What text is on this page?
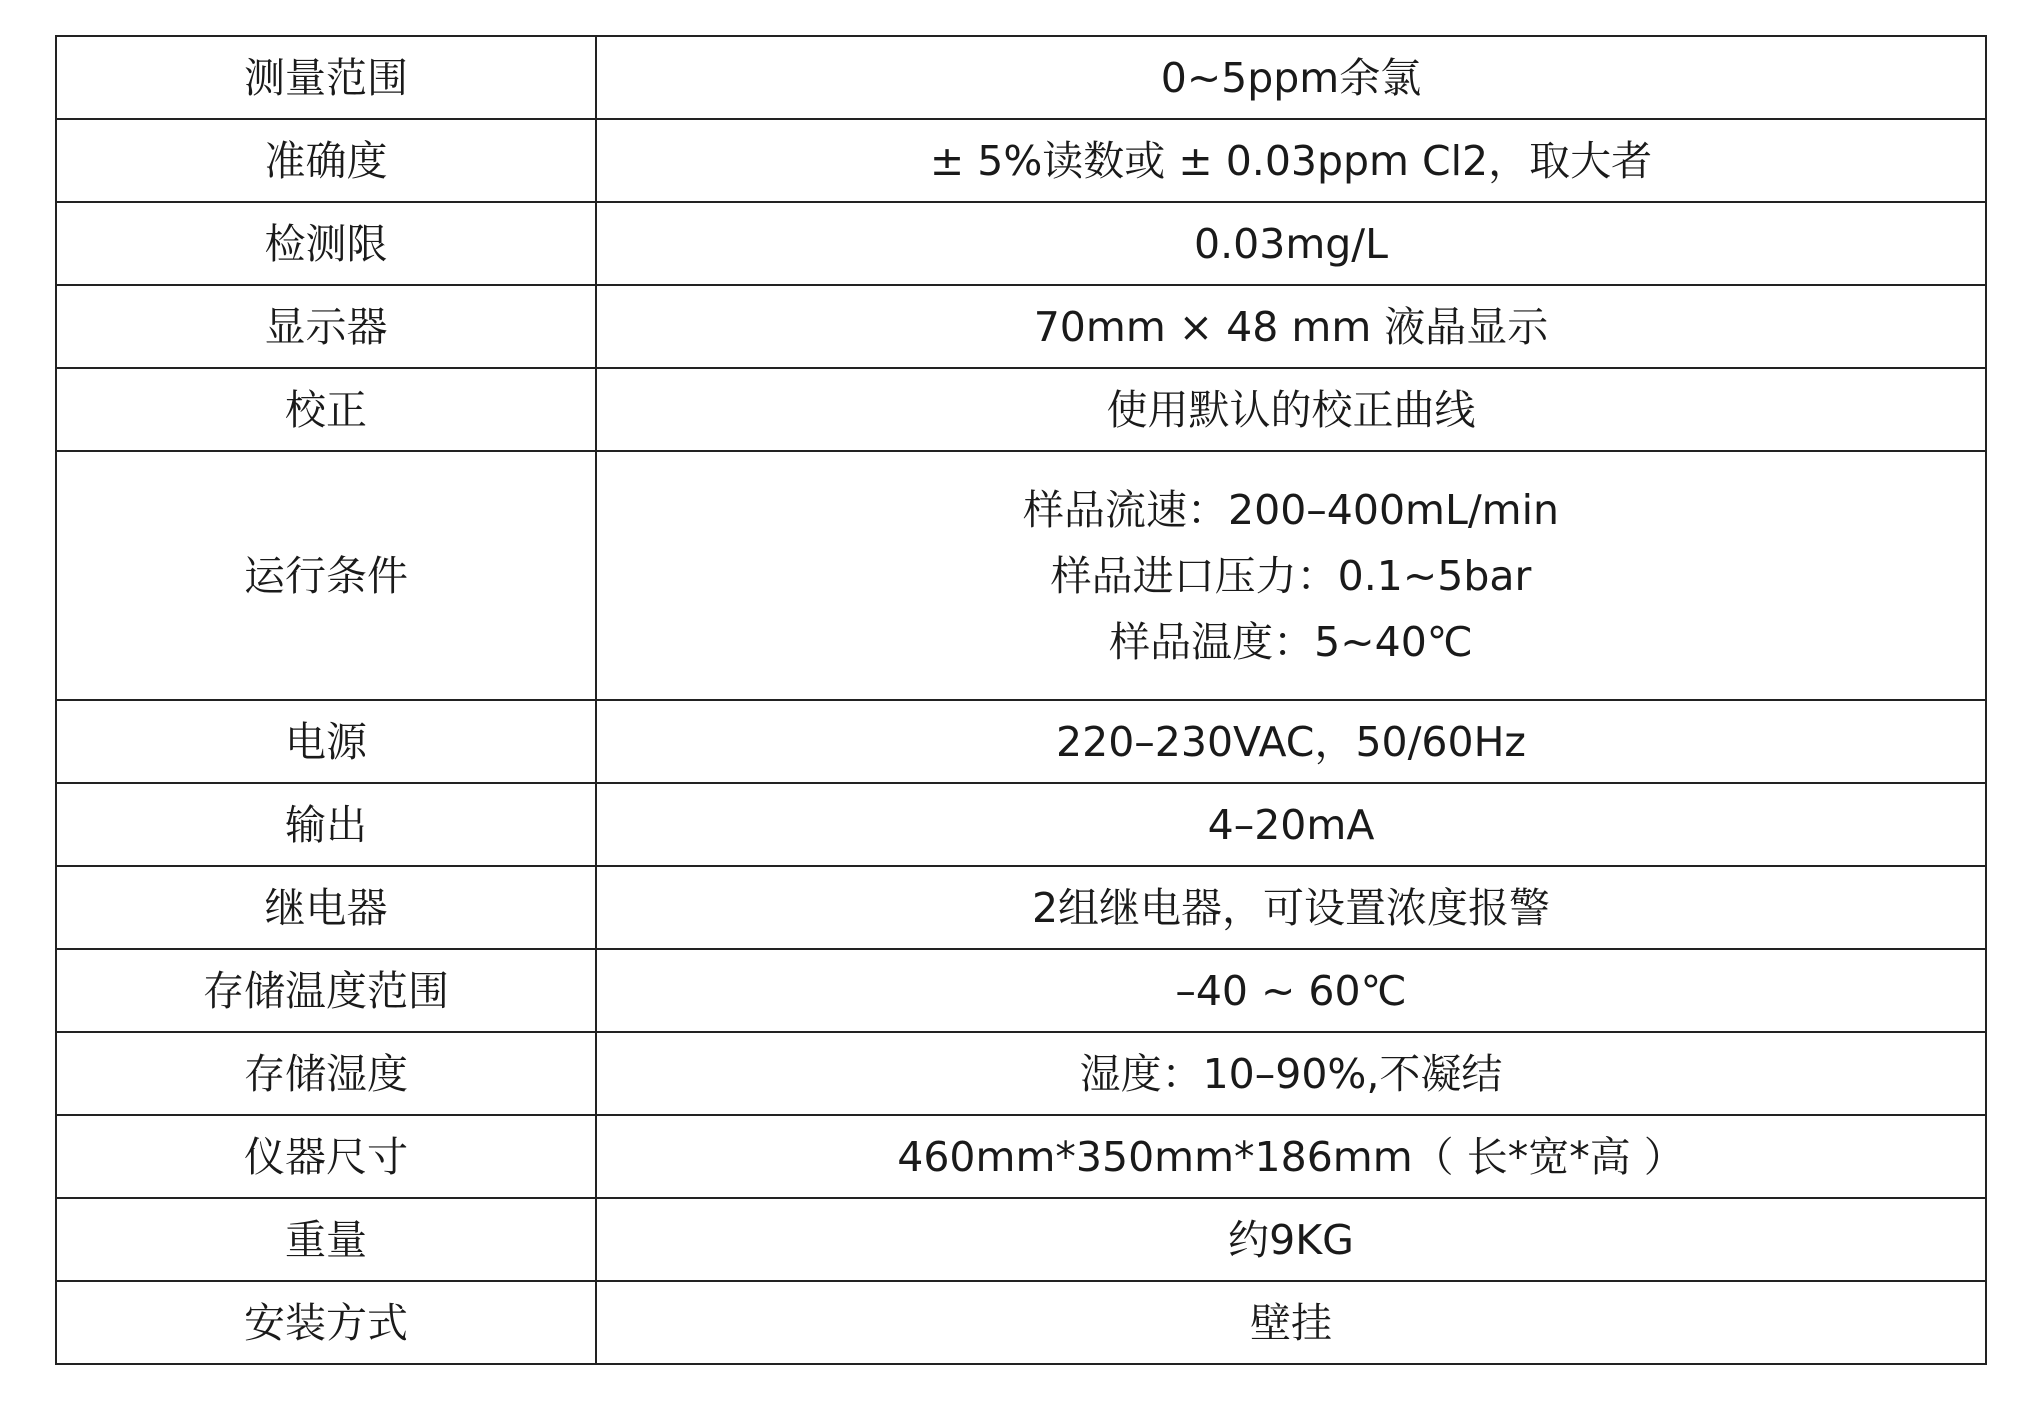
测量范围	0~5ppm余氯

准确度	± 5%读数或 ± 0.03ppm Cl2，取大者

检测限	0.03mg/L

显示器	70mm × 48 mm 液晶显示

校正	使用默认的校正曲线

运行条件	样品流速：200–400mL/min
样品进口压力：0.1~5bar
样品温度：5~40℃

电源	220–230VAC，50/60Hz

输出	4–20mA

继电器	2组继电器，可设置浓度报警

存储温度范围	–40 ~ 60℃

存储湿度	湿度：10–90%,不凝结

仪器尺寸	460mm*350mm*186mm（ 长*宽*高 ）

重量	约9KG

安装方式	壁挂
